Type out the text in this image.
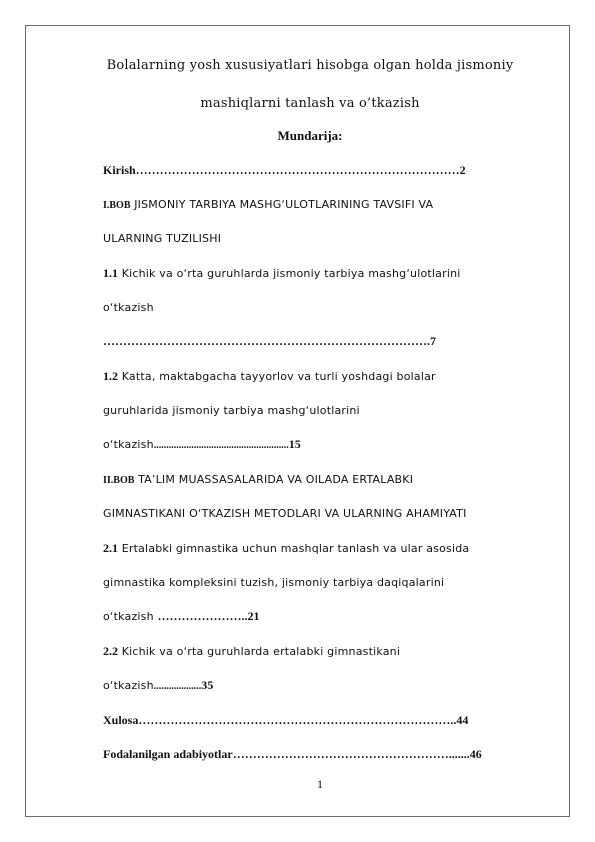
Bolalarning yosh xususiyatlari hisobga olgan holda jismoniy
mashiqlarni tanlash va o’tkazish
Mundarija:
Kirish………………………………………………………………………2
I.BOB JISMONIY TARBIYA MASHG‘ULOTLARINING TAVSIFI VA
ULARNING TUZILISHI
1.1 Kichik va o‘rta guruhlarda jismoniy tarbiya mashg‘ulotlarini
o‘tkazish
……………………………………………………………………….7
1.2 Katta, maktabgacha tayyorlov va turli yoshdagi bolalar
guruhlarida jismoniy tarbiya mashg‘ulotlarini
o‘tkazish......................................................15
II.BOB TA’LIM MUASSASALARIDA VA OILADA ERTALABKI
GIMNASTIKANI O‘TKAZISH METODLARI VA ULARNING AHAMIYATI
2.1 Ertalabki gimnastika uchun mashqlar tanlash va ular asosida
gimnastika kompleksini tuzish, jismoniy tarbiya daqiqalarini
o‘tkazish …………………..21
2.2 Kichik va o‘rta guruhlarda ertalabki gimnastikani
o‘tkazish...................35
Xulosa……………………………………………………………………..44
Fodalanilgan adabiyotlar……………………………………………….......46
1
